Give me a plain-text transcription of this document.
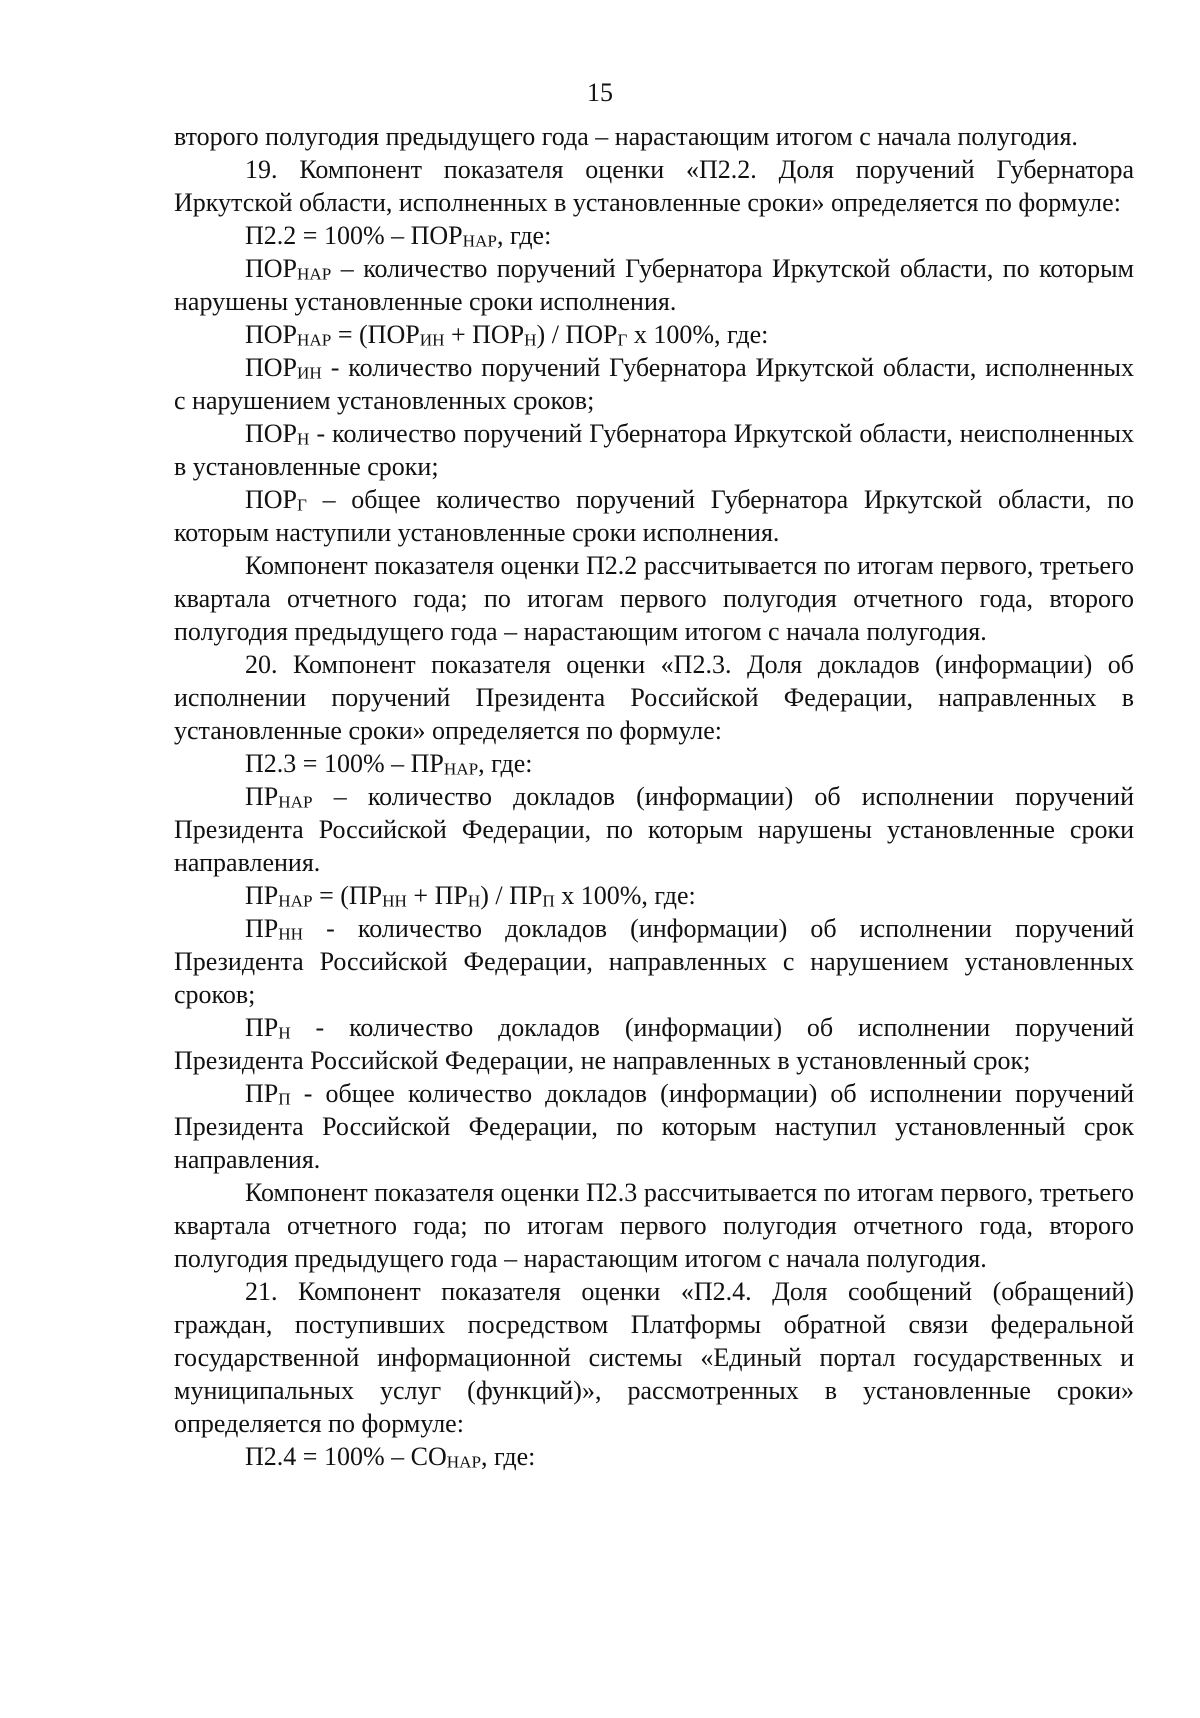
15

второго полугодия предыдущего года – нарастающим итогом с начала полугодия.

19. Компонент показателя оценки «П2.2. Доля поручений Губернатора Иркутской области, исполненных в установленные сроки» определяется по формуле:

$П2.2 = 100\% - ПОР_{НАР}$, где:

$ПОР_{НАР}$ – количество поручений Губернатора Иркутской области, по которым нарушены установленные сроки исполнения.

$ПОР_{НАР} = (ПОР_{ИН} + ПОР_Н) / ПОР_Г$ х 100%, где:

$ПОР_{ИН}$ - количество поручений Губернатора Иркутской области, исполненных с нарушением установленных сроков;

$ПОР_Н$ - количество поручений Губернатора Иркутской области, неисполненных в установленные сроки;

$ПОР_Г$ – общее количество поручений Губернатора Иркутской области, по которым наступили установленные сроки исполнения.

Компонент показателя оценки П2.2 рассчитывается по итогам первого, третьего квартала отчетного года; по итогам первого полугодия отчетного года, второго полугодия предыдущего года – нарастающим итогом с начала полугодия.

20. Компонент показателя оценки «П2.3. Доля докладов (информации) об исполнении поручений Президента Российской Федерации, направленных в установленные сроки» определяется по формуле:

$П2.3 = 100\% - ПР_{НАР}$, где:

$ПР_{НАР}$ – количество докладов (информации) об исполнении поручений Президента Российской Федерации, по которым нарушены установленные сроки направления.

$ПР_{НАР} = (ПР_{НН} + ПР_Н) / ПР_П$ х 100%, где:

$ПР_{НН}$ - количество докладов (информации) об исполнении поручений Президента Российской Федерации, направленных с нарушением установленных сроков;

$ПР_Н$ - количество докладов (информации) об исполнении поручений Президента Российской Федерации, не направленных в установленный срок;

$ПР_П$ - общее количество докладов (информации) об исполнении поручений Президента Российской Федерации, по которым наступил установленный срок направления.

Компонент показателя оценки П2.3 рассчитывается по итогам первого, третьего квартала отчетного года; по итогам первого полугодия отчетного года, второго полугодия предыдущего года – нарастающим итогом с начала полугодия.

21. Компонент показателя оценки «П2.4. Доля сообщений (обращений) граждан, поступивших посредством Платформы обратной связи федеральной государственной информационной системы «Единый портал государственных и муниципальных услуг (функций)», рассмотренных в установленные сроки» определяется по формуле:

$П2.4 = 100\% - СО_{НАР}$, где:
